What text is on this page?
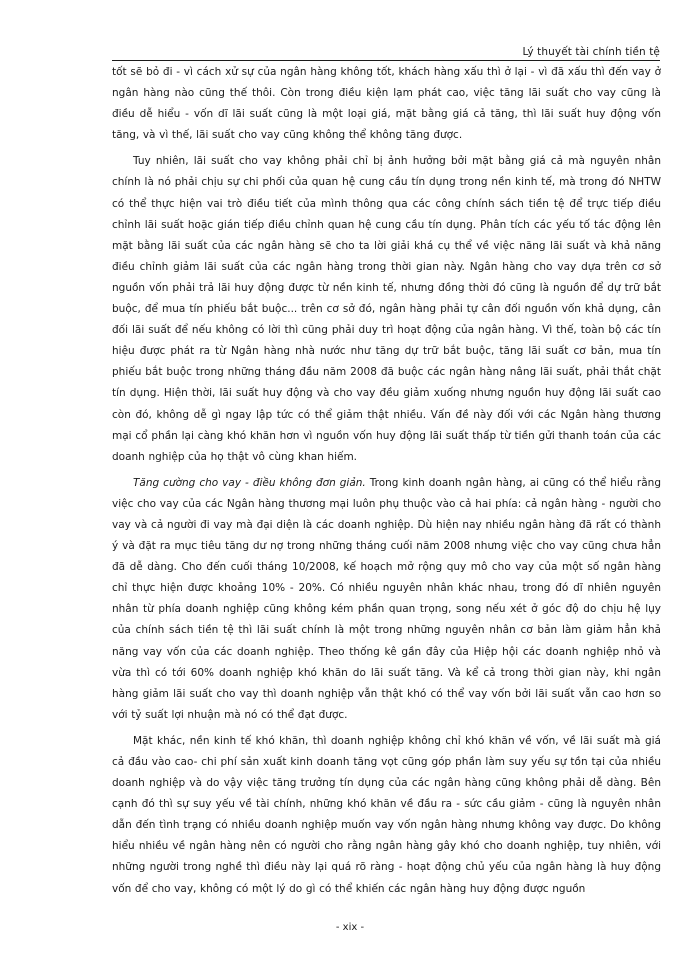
Lý thuyết tài chính tiền tệ

tốt sẽ bỏ đi - vì cách xử sự của ngân hàng không tốt, khách hàng xấu thì ở lại - vì đã xấu thì đến vay ở ngân hàng nào cũng thế thôi. Còn trong điều kiện lạm phát cao, việc tăng lãi suất cho vay cũng là điều dễ hiểu - vốn dĩ lãi suất cũng là một loại giá, mặt bằng giá cả tăng, thì lãi suất huy động vốn tăng, và vì thế, lãi suất cho vay cũng không thể không tăng được.

Tuy nhiên, lãi suất cho vay không phải chỉ bị ảnh hưởng bởi mặt bằng giá cả mà nguyên nhân chính là nó phải chịu sự chi phối của quan hệ cung cầu tín dụng trong nền kinh tế, mà trong đó NHTW có thể thực hiện vai trò điều tiết của mình thông qua các công chính sách tiền tệ để trực tiếp điều chỉnh lãi suất hoặc gián tiếp điều chỉnh quan hệ cung cầu tín dụng. Phân tích các yếu tố tác động lên mặt bằng lãi suất của các ngân hàng sẽ cho ta lời giải khá cụ thể về việc năng lãi suất và khả năng điều chỉnh giảm lãi suất của các ngân hàng trong thời gian này. Ngân hàng cho vay dựa trên cơ sở nguồn vốn phải trả lãi huy động được từ nền kinh tế, nhưng đồng thời đó cũng là nguồn để dự trữ bắt buộc, để mua tín phiếu bắt buộc... trên cơ sở đó, ngân hàng phải tự cân đối nguồn vốn khả dụng, cân đối lãi suất để nếu không có lời thì cũng phải duy trì hoạt động của ngân hàng. Vì thế, toàn bộ các tín hiệu được phát ra từ Ngân hàng nhà nước như tăng dự trữ bắt buộc, tăng lãi suất cơ bản, mua tín phiếu bắt buộc trong những tháng đầu năm 2008 đã buộc các ngân hàng nâng lãi suất, phải thắt chặt tín dụng. Hiện thời, lãi suất huy động và cho vay đều giảm xuống nhưng nguồn huy động lãi suất cao còn đó, không dễ gì ngay lập tức có thể giảm thật nhiều. Vấn đề này đối với các Ngân hàng thương mại cổ phần lại càng khó khăn hơn vì nguồn vốn huy động lãi suất thấp từ tiền gửi thanh toán của các doanh nghiệp của họ thật vô cùng khan hiếm.

Tăng cường cho vay - điều không đơn giản. Trong kinh doanh ngân hàng, ai cũng có thể hiểu rằng việc cho vay của các Ngân hàng thương mại luôn phụ thuộc vào cả hai phía: cả ngân hàng - người cho vay và cả người đi vay mà đại diện là các doanh nghiệp. Dù hiện nay nhiều ngân hàng đã rất có thành ý và đặt ra mục tiêu tăng dư nợ trong những tháng cuối năm 2008 nhưng việc cho vay cũng chưa hẳn đã dễ dàng. Cho đến cuối tháng 10/2008, kế hoạch mở rộng quy mô cho vay của một số ngân hàng chỉ thực hiện được khoảng 10% - 20%. Có nhiều nguyên nhân khác nhau, trong đó dĩ nhiên nguyên nhân từ phía doanh nghiệp cũng không kém phần quan trọng, song nếu xét ở góc độ do chịu hệ lụy của chính sách tiền tệ thì lãi suất chính là một trong những nguyên nhân cơ bản làm giảm hẳn khả năng vay vốn của các doanh nghiệp. Theo thống kê gần đây của Hiệp hội các doanh nghiệp nhỏ và vừa thì có tới 60% doanh nghiệp khó khăn do lãi suất tăng. Và kể cả trong thời gian này, khi ngân hàng giảm lãi suất cho vay thì doanh nghiệp vẫn thật khó có thể vay vốn bởi lãi suất vẫn cao hơn so với tỷ suất lợi nhuận mà nó có thể đạt được.

Mặt khác, nền kinh tế khó khăn, thì doanh nghiệp không chỉ khó khăn về vốn, về lãi suất mà giá cả đầu vào cao- chi phí sản xuất kinh doanh tăng vọt cũng góp phần làm suy yếu sự tồn tại của nhiều doanh nghiệp và do vậy việc tăng trưởng tín dụng của các ngân hàng cũng không phải dễ dàng. Bên cạnh đó thì sự suy yếu về tài chính, những khó khăn về đầu ra - sức cầu giảm - cũng là nguyên nhân dẫn đến tình trạng có nhiều doanh nghiệp muốn vay vốn ngân hàng nhưng không vay được. Do không hiểu nhiều về ngân hàng nên có người cho rằng ngân hàng gây khó cho doanh nghiệp, tuy nhiên, với những người trong nghề thì điều này lại quá rõ ràng - hoạt động chủ yếu của ngân hàng là huy động vốn để cho vay, không có một lý do gì có thể khiến các ngân hàng huy động được nguồn

- xix -
